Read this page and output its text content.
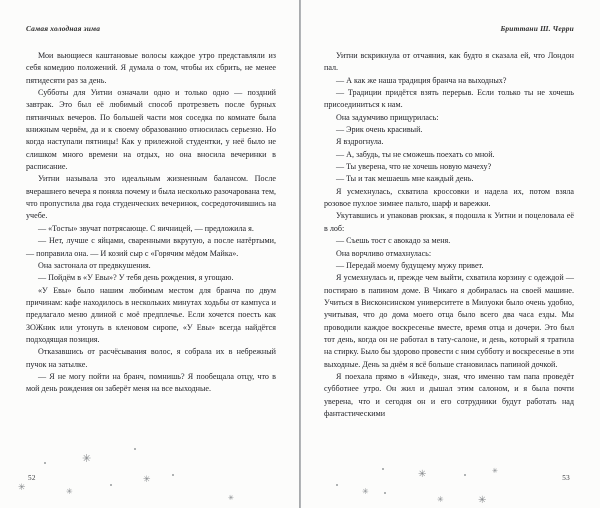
Самая холодная зима

Мои вьющиеся каштановые волосы каждое утро представляли из себя комедию положений. Я думала о том, чтобы их сбрить, не менее пятидесяти раз за день.

Субботы для Уитни означали одно и только одно — поздний завтрак. Это был её любимый способ протрезветь после бурных пятничных вечеров. По большей части моя соседка по комнате была книжным червём, да и к своему образованию относилась серьезно. Но когда наступали пятницы! Как у прилежной студентки, у неё было не слишком много времени на отдых, но она вносила вечеринки в расписание.

Уитни называла это идеальным жизненным балансом. После вчерашнего вечера я поняла почему и была несколько разочарована тем, что пропустила два года студенческих вечеринок, сосредоточившись на учебе.

— «Тосты» звучат потрясающе. С яичницей, — предложила я.

— Нет, лучше с яйцами, сваренными вкрутую, а после натёртыми, — поправила она. — И козий сыр с «Горячим мёдом Майка».

Она застонала от предвкушения.

— Пойдём в «У Евы»? У тебя день рождения, я угощаю.

«У Евы» было нашим любимым местом для бранча по двум причинам: кафе находилось в нескольких минутах ходьбы от кампуса и предлагало меню длиной с моё предплечье. Если хочется поесть как ЗОЖник или утонуть в кленовом сиропе, «У Евы» всегда найдётся подходящая позиция.

Отказавшись от расчёсывания волос, я собрала их в небрежный пучок на затылке.

— Я не могу пойти на бранч, помнишь? Я пообещала отцу, что в мой день рождения он заберёт меня на все выходные.

52
✳	✳
✳
✳
✳
Бриттани Ш. Черри

Уитни вскрикнула от отчаяния, как будто я сказала ей, что Лондон пал.

— А как же наша традиция бранча на выходных?

— Традиции придётся взять перерыв. Если только ты не хочешь присоединиться к нам.

Она задумчиво прищурилась:

— Эрик очень красивый.

Я вздрогнула.

— А, забудь, ты не сможешь поехать со мной.

— Ты уверена, что не хочешь новую мачеху?

— Ты и так мешаешь мне каждый день.

Я усмехнулась, схватила кроссовки и надела их, потом взяла розовое пухлое зимнее пальто, шарф и варежки.

Укутавшись и упаковав рюкзак, я подошла к Уитни и поцеловала её в лоб:

— Съешь тост с авокадо за меня.

Она ворчливо отмахнулась:

— Передай моему будущему мужу привет.

Я усмехнулась и, прежде чем выйти, схватила корзину с одеждой — постираю в папином доме. В Чикаго я добиралась на своей машине. Учиться в Висконсинском университете в Милуоки было очень удобно, учитывая, что до дома моего отца было всего два часа езды. Мы проводили каждое воскресенье вместе, время отца и дочери. Это был тот день, когда он не работал в тату-салоне, и день, который я тратила на стирку. Было бы здорово провести с ним субботу и воскресенье в эти выходные. День за днём я всё больше становилась папиной дочкой.

Я поехала прямо в «Инкед», зная, что именно там папа проведёт субботнее утро. Он жил и дышал этим салоном, и я была почти уверена, что и сегодня он и его сотрудники будут работать над фантастическими

53
✳
✳	✳
✳	✳
